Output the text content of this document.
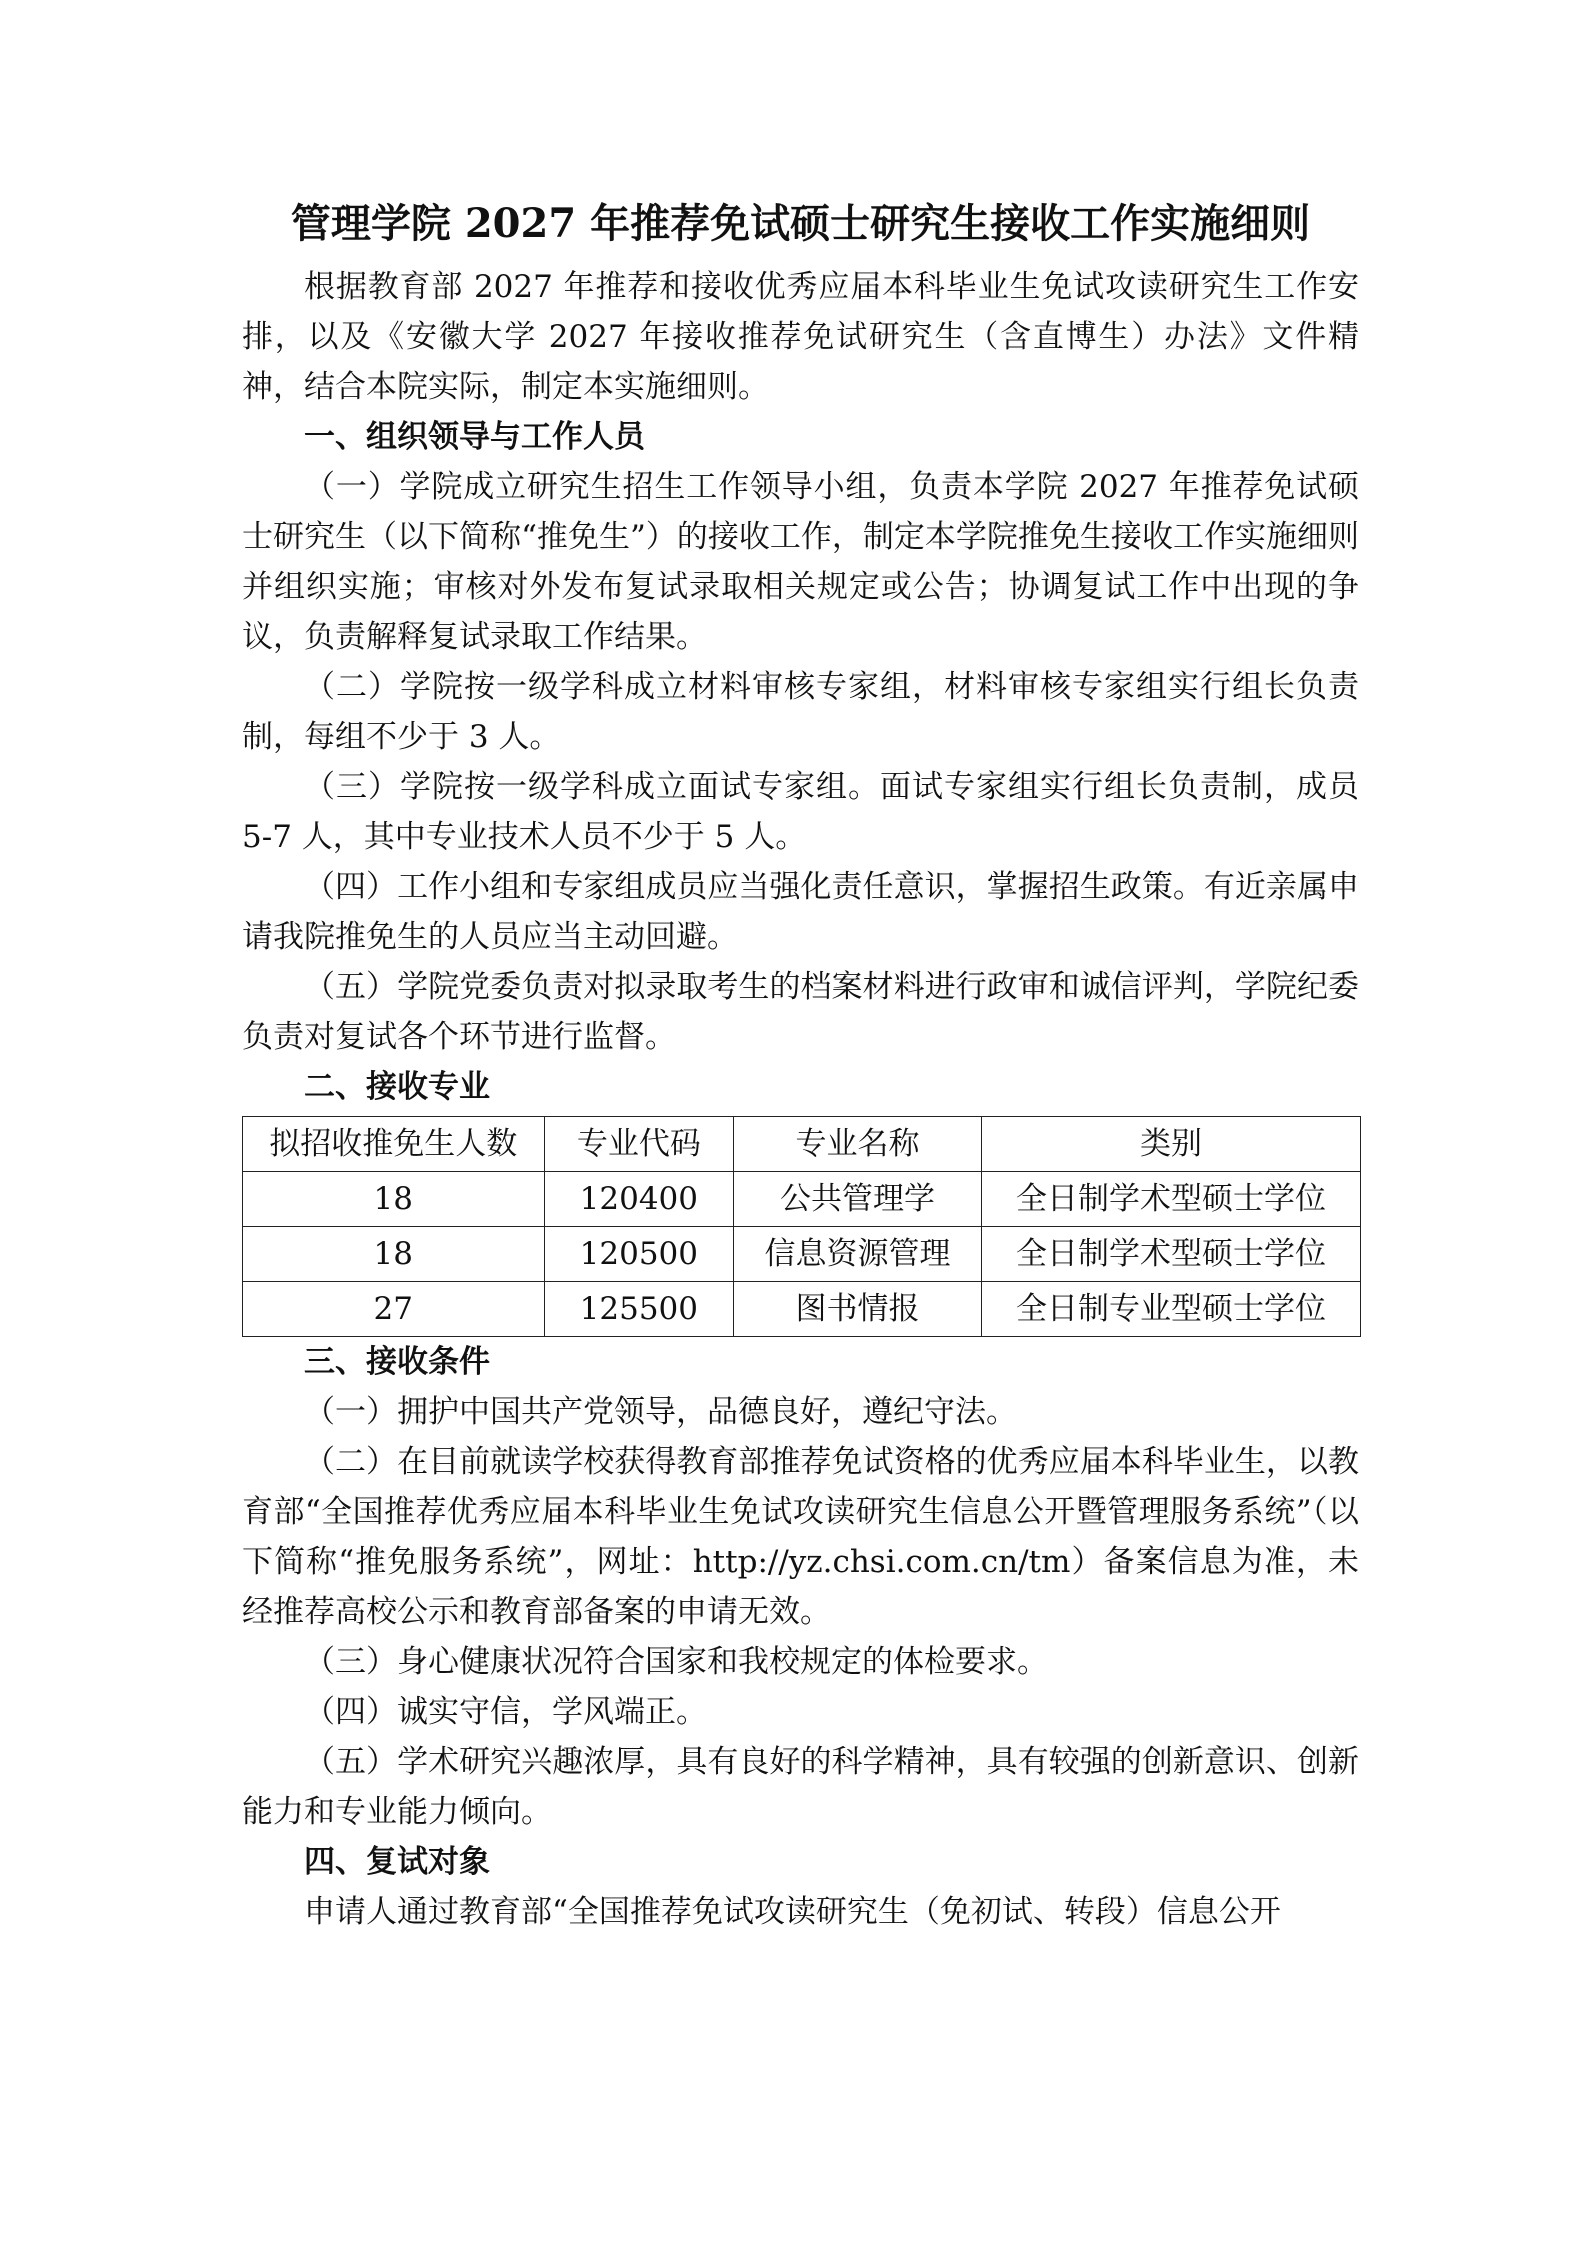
管理学院 2027 年推荐免试硕士研究生接收工作实施细则

根据教育部 2027 年推荐和接收优秀应届本科毕业生免试攻读研究生工作安排，以及《安徽大学 2027 年接收推荐免试研究生（含直博生）办法》文件精神，结合本院实际，制定本实施细则。

一、组织领导与工作人员

（一）学院成立研究生招生工作领导小组，负责本学院 2027 年推荐免试硕士研究生（以下简称“推免生”）的接收工作，制定本学院推免生接收工作实施细则并组织实施；审核对外发布复试录取相关规定或公告；协调复试工作中出现的争议，负责解释复试录取工作结果。

（二）学院按一级学科成立材料审核专家组，材料审核专家组实行组长负责制，每组不少于 3 人。

（三）学院按一级学科成立面试专家组。面试专家组实行组长负责制，成员 5-7 人，其中专业技术人员不少于 5 人。

（四）工作小组和专家组成员应当强化责任意识，掌握招生政策。有近亲属申请我院推免生的人员应当主动回避。

（五）学院党委负责对拟录取考生的档案材料进行政审和诚信评判，学院纪委负责对复试各个环节进行监督。

二、接收专业
拟招收推免生人数	专业代码	专业名称	类别
18	120400	公共管理学	全日制学术型硕士学位
18	120500	信息资源管理	全日制学术型硕士学位
27	125500	图书情报	全日制专业型硕士学位
三、接收条件

（一）拥护中国共产党领导，品德良好，遵纪守法。

（二）在目前就读学校获得教育部推荐免试资格的优秀应届本科毕业生，以教育部“全国推荐优秀应届本科毕业生免试攻读研究生信息公开暨管理服务系统”（以下简称“推免服务系统”，网址：http://yz.chsi.com.cn/tm）备案信息为准，未经推荐高校公示和教育部备案的申请无效。

（三）身心健康状况符合国家和我校规定的体检要求。

（四）诚实守信，学风端正。

（五）学术研究兴趣浓厚，具有良好的科学精神，具有较强的创新意识、创新能力和专业能力倾向。

四、复试对象

申请人通过教育部“全国推荐免试攻读研究生（免初试、转段）信息公开
